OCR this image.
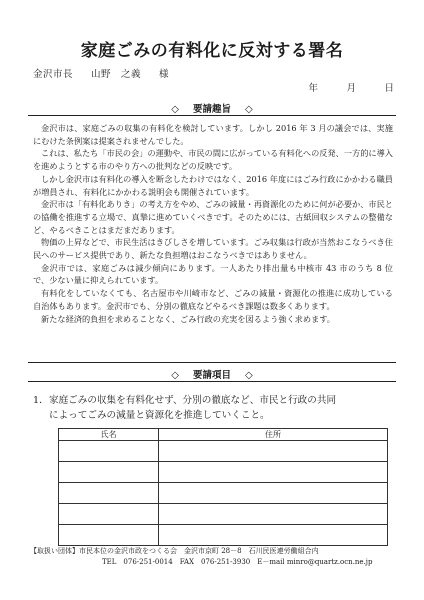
家庭ごみの有料化に反対する署名
金沢市長 山野　之義 様
年	月	日
◇ 要請趣旨 ◇

金沢市は、家庭ごみの収集の有料化を検討しています。しかし 2016 年 3 月の議会では、実施にむけた条例案は提案されませんでした。

これは、私たち「市民の会」の運動や、市民の間に広がっている有料化への反発、一方的に導入を進めようとする市のやり方への批判などの反映です。

しかし金沢市は有料化の導入を断念したわけではなく、2016 年度にはごみ行政にかかわる職員が増員され、有料化にかかわる説明会も開催されています。

金沢市は「有料化ありき」の考え方をやめ、ごみの減量・再資源化のために何が必要か、市民との協働を推進する立場で、真摯に進めていくべきです。そのためには、古紙回収システムの整備など、やるべきことはまだまだあります。

物価の上昇などで、市民生活はきびしさを増しています。ごみ収集は行政が当然おこなうべき住民へのサービス提供であり、新たな負担増はおこなうべきではありません。

金沢市では、家庭ごみは減少傾向にあります。一人あたり排出量も中核市 43 市のうち 8 位で、少ない量に抑えられています。

有料化をしていなくても、名古屋市や川崎市など、ごみの減量・資源化の推進に成功している自治体もあります。金沢市でも、分別の徹底などやるべき課題は数多くあります。

新たな経済的負担を求めることなく、ごみ行政の充実を図るよう強く求めます。

◇ 要請項目 ◇
1．家庭ごみの収集を有料化せず、分別の徹底など、市民と行政の共同
によってごみの減量と資源化を推進していくこと。
氏名	住所

【取扱い団体】市民本位の金沢市政をつくる会　金沢市京町 28－8　石川民医連労働組合内
TEL　076-251-0014　FAX　076-251-3930　E－mail minro@quartz.ocn.ne.jp
